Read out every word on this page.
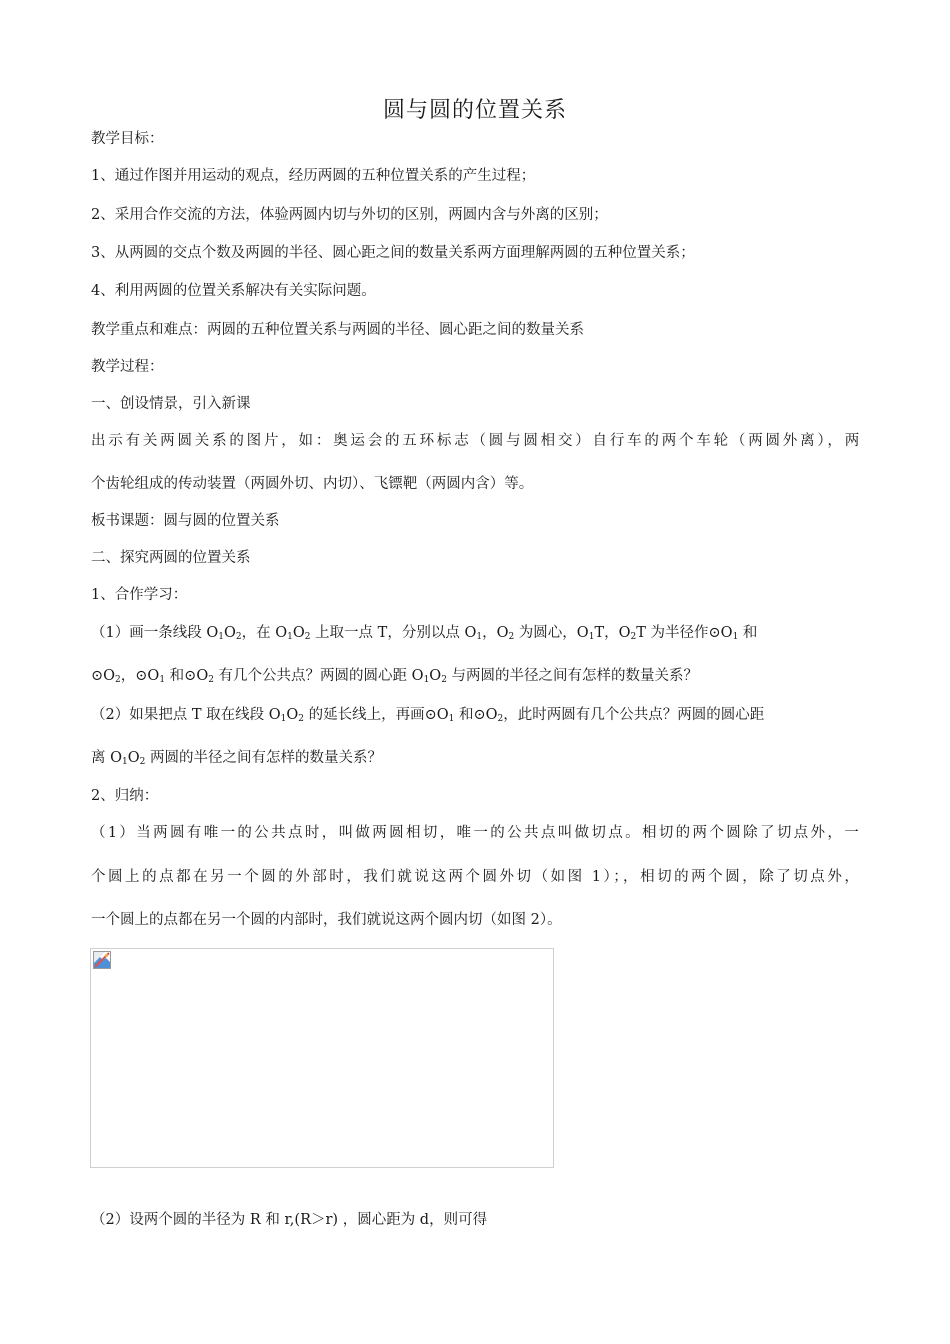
圆与圆的位置关系
教学目标：
1、通过作图并用运动的观点，经历两圆的五种位置关系的产生过程；
2、采用合作交流的方法，体验两圆内切与外切的区别，两圆内含与外离的区别；
3、从两圆的交点个数及两圆的半径、圆心距之间的数量关系两方面理解两圆的五种位置关系；
4、利用两圆的位置关系解决有关实际问题。
教学重点和难点：两圆的五种位置关系与两圆的半径、圆心距之间的数量关系
教学过程：
一、创设情景，引入新课
出示有关两圆关系的图片，如：奥运会的五环标志（圆与圆相交）自行车的两个车轮（两圆外离），两
个齿轮组成的传动装置（两圆外切、内切）、飞镖靶（两圆内含）等。
板书课题：圆与圆的位置关系
二、探究两圆的位置关系
1、合作学习：
（1）画一条线段 $O_1O_2$，在 $O_1O_2$ 上取一点 T，分别以点 $O_1$，$O_2$ 为圆心，$O_1T$，$O_2T$ 为半径作$⊙O_1$ 和
$⊙O_2$，$⊙O_1$ 和$⊙O_2$ 有几个公共点？两圆的圆心距 $O_1O_2$ 与两圆的半径之间有怎样的数量关系？
（2）如果把点 T 取在线段 $O_1O_2$ 的延长线上，再画$⊙O_1$ 和$⊙O_2$，此时两圆有几个公共点？两圆的圆心距
离 $O_1O_2$ 两圆的半径之间有怎样的数量关系？
2、归纳：
（1）当两圆有唯一的公共点时，叫做两圆相切，唯一的公共点叫做切点。相切的两个圆除了切点外，一
个圆上的点都在另一个圆的外部时，我们就说这两个圆外切（如图 1）；，相切的两个圆，除了切点外，
一个圆上的点都在另一个圆的内部时，我们就说这两个圆内切（如图 2）。
（2）设两个圆的半径为 R 和 r,(R＞r) ，圆心距为 d，则可得
